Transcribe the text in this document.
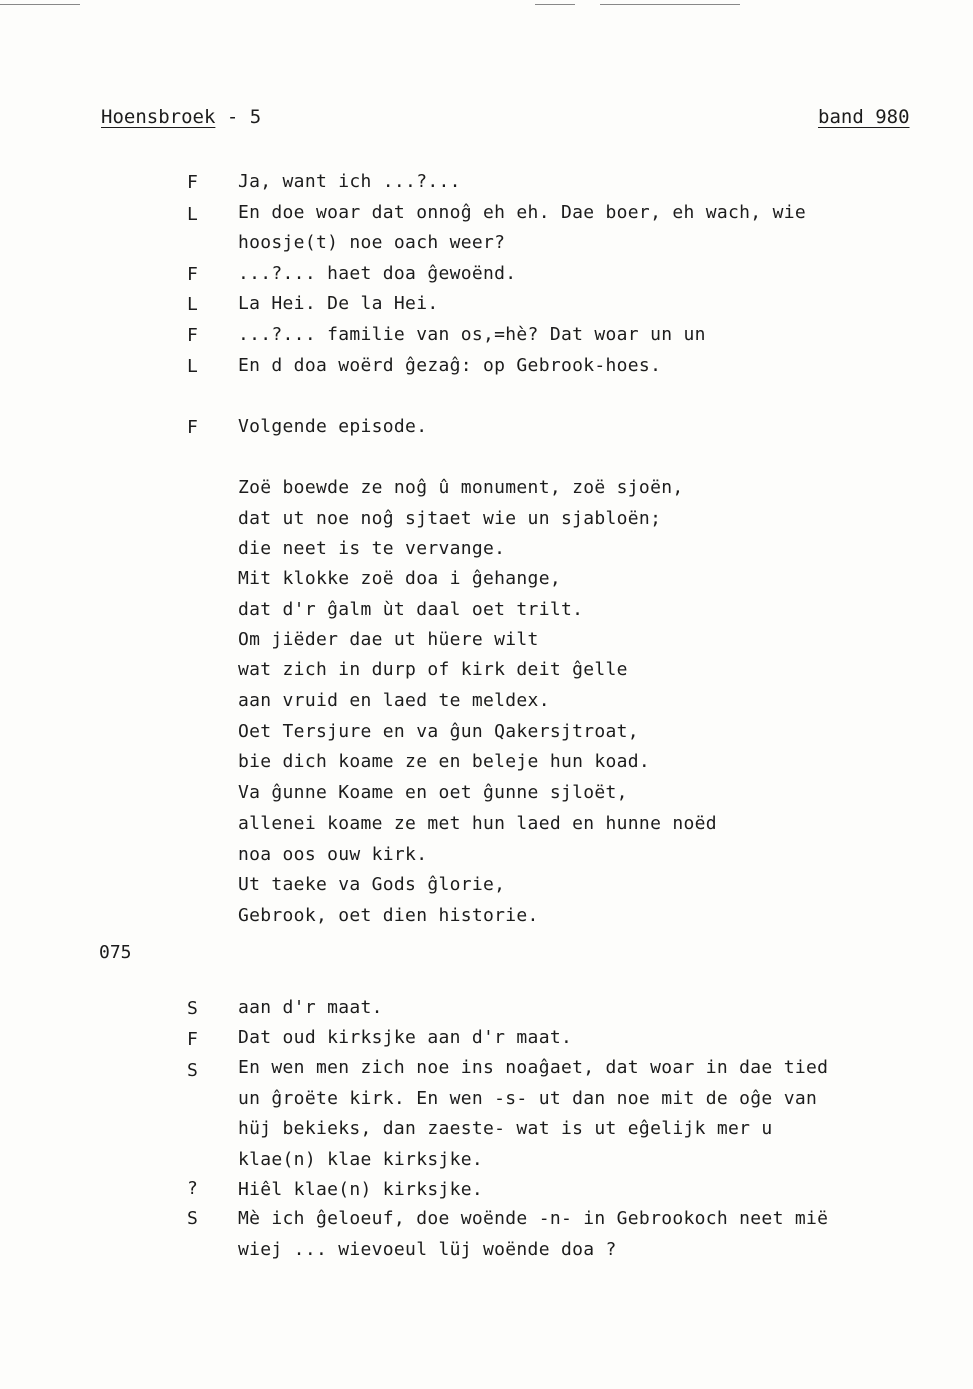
Hoensbroek - 5	band 980
075
F	Ja, want ich ...?...
L	En doe woar dat onnoĝ eh eh. Dae boer, eh wach, wie
hoosje(t) noe oach weer?
F	...?... haet doa ĝewoënd.
L	La Hei. De la Hei.
F	...?... familie van os,=hè? Dat woar un un
L	En d doa woërd ĝezaĝ: op Gebrook-hoes.
F	Volgende episode.
Zoë boewde ze noĝ û monument, zoë sjoën,
dat ut noe noĝ sjtaet wie un sjabloën;
die neet is te vervange.
Mit klokke zoë doa i ĝehange,
dat d'r ĝalm ùt daal oet trilt.
Om jiëder dae ut hüere wilt
wat zich in durp of kirk deit ĝelle
aan vruid en laed te meldex.
Oet Tersjure en va ĝun Qakersjtroat,
bie dich koame ze en beleje hun koad.
Va ĝunne Koame en oet ĝunne sjloët,
allenei koame ze met hun laed en hunne noëd
noa oos ouw kirk.
Ut taeke va Gods ĝlorie,
Gebrook, oet dien historie.
S	aan d'r maat.
F	Dat oud kirksjke aan d'r maat.
S	En wen men zich noe ins noaĝaet, dat woar in dae tied
un ĝroëte kirk. En wen -s- ut dan noe mit de oĝe van
hüj bekieks, dan zaeste- wat is ut eĝelijk mer u
klae(n) klae kirksjke.
?	Hiêl klae(n) kirksjke.
S	Mè ich ĝeloeuf, doe woënde -n- in Gebrookoch neet mië
wiej ... wievoeul lüj woënde doa ?
